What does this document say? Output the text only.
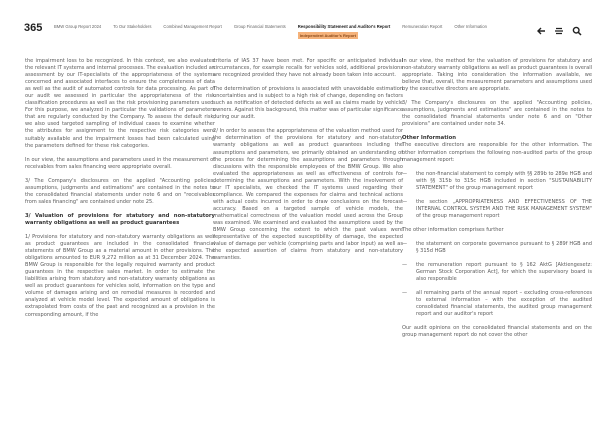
365	BMW Group Report 2024	To Our Stakeholders	Combined Management Report	Group Financial Statements	Responsibility Statement and Auditor's Report
Independent Auditor's Report
Remuneration Report	Other Information

the impairment loss to be recognized. In this context, we also evaluated the relevant IT systems and internal processes. The evaluation included an assessment by our IT-specialists of the appropriateness of the systems concerned and associated interfaces to ensure the completeness of data as well as the audit of automated controls for data processing. As part of our audit we assessed in particular the appropriateness of the risk classification procedures as well as the risk provisioning parameters used. For this purpose, we analyzed in particular the validations of parameters that are regularly conducted by the Company. To assess the default risk, we also used targeted sampling of individual cases to examine whether the attributes for assignment to the respective risk categories were suitably available and the impairment losses had been calculated using the parameters defined for these risk categories.

In our view, the assumptions and parameters used in the measurement of receivables from sales financing were appropriate overall.

3/ The Company's disclosures on the applied "Accounting policies, assumptions, judgments and estimations" are contained in the notes to the consolidated financial statements under note 6 and on "receivables from sales financing" are contained under note 25.

3/ Valuation of provisions for statutory and non-statutory warranty obligations as well as product guarantees

1/ Provisions for statutory and non-statutory warranty obligations as well as product guarantees are included in the consolidated financial statements of BMW Group as a material amount in other provisions. The obligations amounted to EUR 9,272 million as at 31 December 2024. The BMW Group is responsible for the legally required warranty and product guarantees in the respective sales market. In order to estimate the liabilities arising from statutory and non-statutory warranty obligations as well as product guarantees for vehicles sold, information on the type and volume of damages arising and on remedial measures is recorded and analyzed at vehicle model level. The expected amount of obligations is extrapolated from costs of the past and recognized as a provision in the corresponding amount, if the

criteria of IAS 37 have been met. For specific or anticipated individual circumstances, for example recalls for vehicles sold, additional provisions are recognized provided they have not already been taken into account.

The determination of provisions is associated with unavoidable estimation uncertainties and is subject to a high risk of change, depending on factors such as notification of detected defects as well as claims made by vehicle owners. Against this background, this matter was of particular significance during our audit.

2/ In order to assess the appropriateness of the valuation method used for the determination of the provisions for statutory and non-statutory warranty obligations as well as product guarantees including the assumptions and parameters, we primarily obtained an understanding of the process for determining the assumptions and parameters through discussions with the responsible employees of the BMW Group. We also evaluated the appropriateness as well as effectiveness of controls for determining the assumptions and parameters. With the involvement of our IT specialists, we checked the IT systems used regarding their compliance. We compared the expenses for claims and technical actions with actual costs incurred in order to draw conclusions on the forecast accuracy. Based on a targeted sample of vehicle models, the mathematical correctness of the valuation model used across the Group was examined. We examined and evaluated the assumptions used by the BMW Group concerning the extent to which the past values were representative of the expected susceptibility of damage, the expected value of damage per vehicle (comprising parts and labor input) as well as the expected assertion of claims from statutory and non-statutory warranties.

In our view, the method for the valuation of provisions for statutory and non-statutory warranty obligations as well as product guarantees is overall appropriate. Taking into consideration the information available, we believe that, overall, the measurement parameters and assumptions used by the executive directors are appropriate.

3/ The Company's disclosures on the applied "Accounting policies, assumptions, judgments and estimations" are contained in the notes to the consolidated financial statements under note 6 and on "Other provisions" are contained under note 34.

Other Information

The executive directors are responsible for the other information. The other information comprises the following non-audited parts of the group management report:

— the non-financial statement to comply with §§ 289b to 289e HGB and with §§ 315b to 315c HGB included in section "SUSTAINABILITY STATEMENT" of the group management report
— the section „APPROPRIATENESS AND EFFECTIVENESS OF THE INTERNAL CONTROL SYSTEM AND THE RISK MANAGEMENT SYSTEM" of the group management report

The other information comprises further

— the statement on corporate governance pursuant to § 289f HGB and § 315d HGB
— the remuneration report pursuant to § 162 AktG [Aktiengesetz: German Stock Corporation Act], for which the supervisory board is also responsible
— all remaining parts of the annual report – excluding cross-references to external information – with the exception of the audited consolidated financial statements, the audited group management report and our auditor's report

Our audit opinions on the consolidated financial statements and on the group management report do not cover the other
